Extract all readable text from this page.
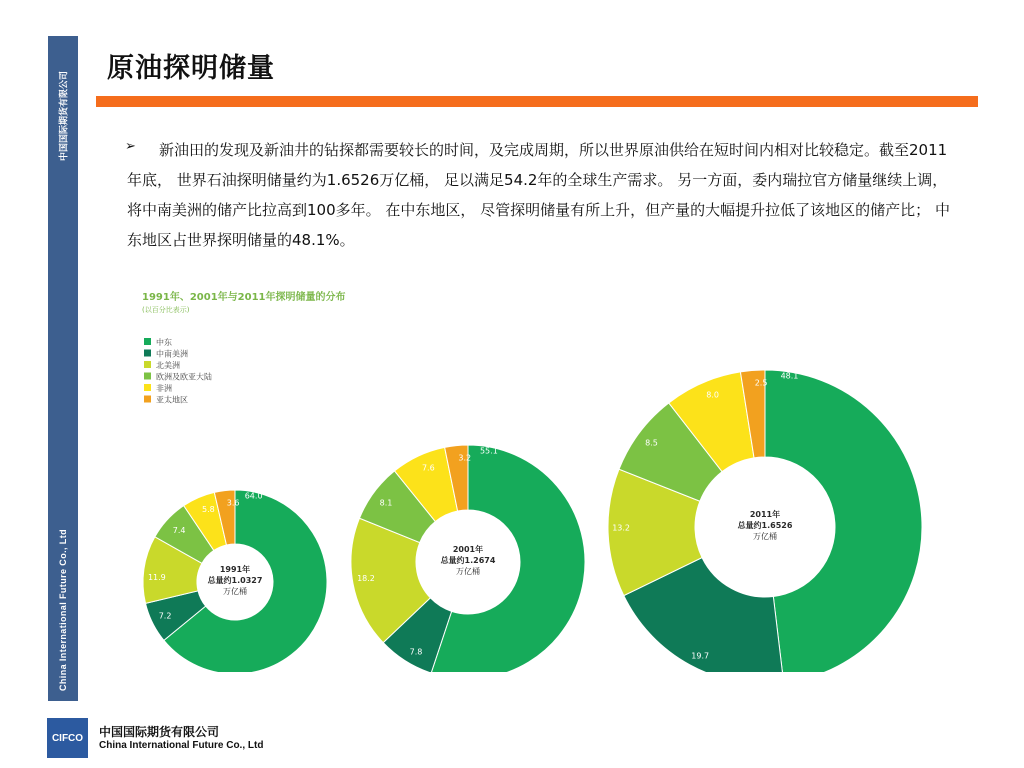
中国国际期货有限公司
China International Future Co., Ltd
原油探明储量
➢	新油田的发现及新油井的钻探都需要较长的时间，及完成周期，所以世界原油供给在短时间内相对比较稳定。截至2011年底， 世界石油探明储量约为1.6526万亿桶， 足以满足54.2年的全球生产需求。 另一方面，委内瑞拉官方储量继续上调， 将中南美洲的储产比拉高到100多年。 在中东地区， 尽管探明储量有所上升，但产量的大幅提升拉低了该地区的储产比； 中东地区占世界探明储量的48.1%。
1991年、2001年与2011年探明储量的分布
(以百分比表示)
中东
中南美洲
北美洲
欧洲及欧亚大陆
非洲
亚太地区
64.0
7.2
11.9
7.4
5.8
3.6
1991年
总量约1.0327
万亿桶
55.1
7.8
18.2
8.1
7.6
3.2
2001年
总量约1.2674
万亿桶
48.1
19.7
13.2
8.5
8.0
2.5
2011年
总量约1.6526
万亿桶
CIFCO	中国国际期货有限公司
China International Future Co., Ltd
